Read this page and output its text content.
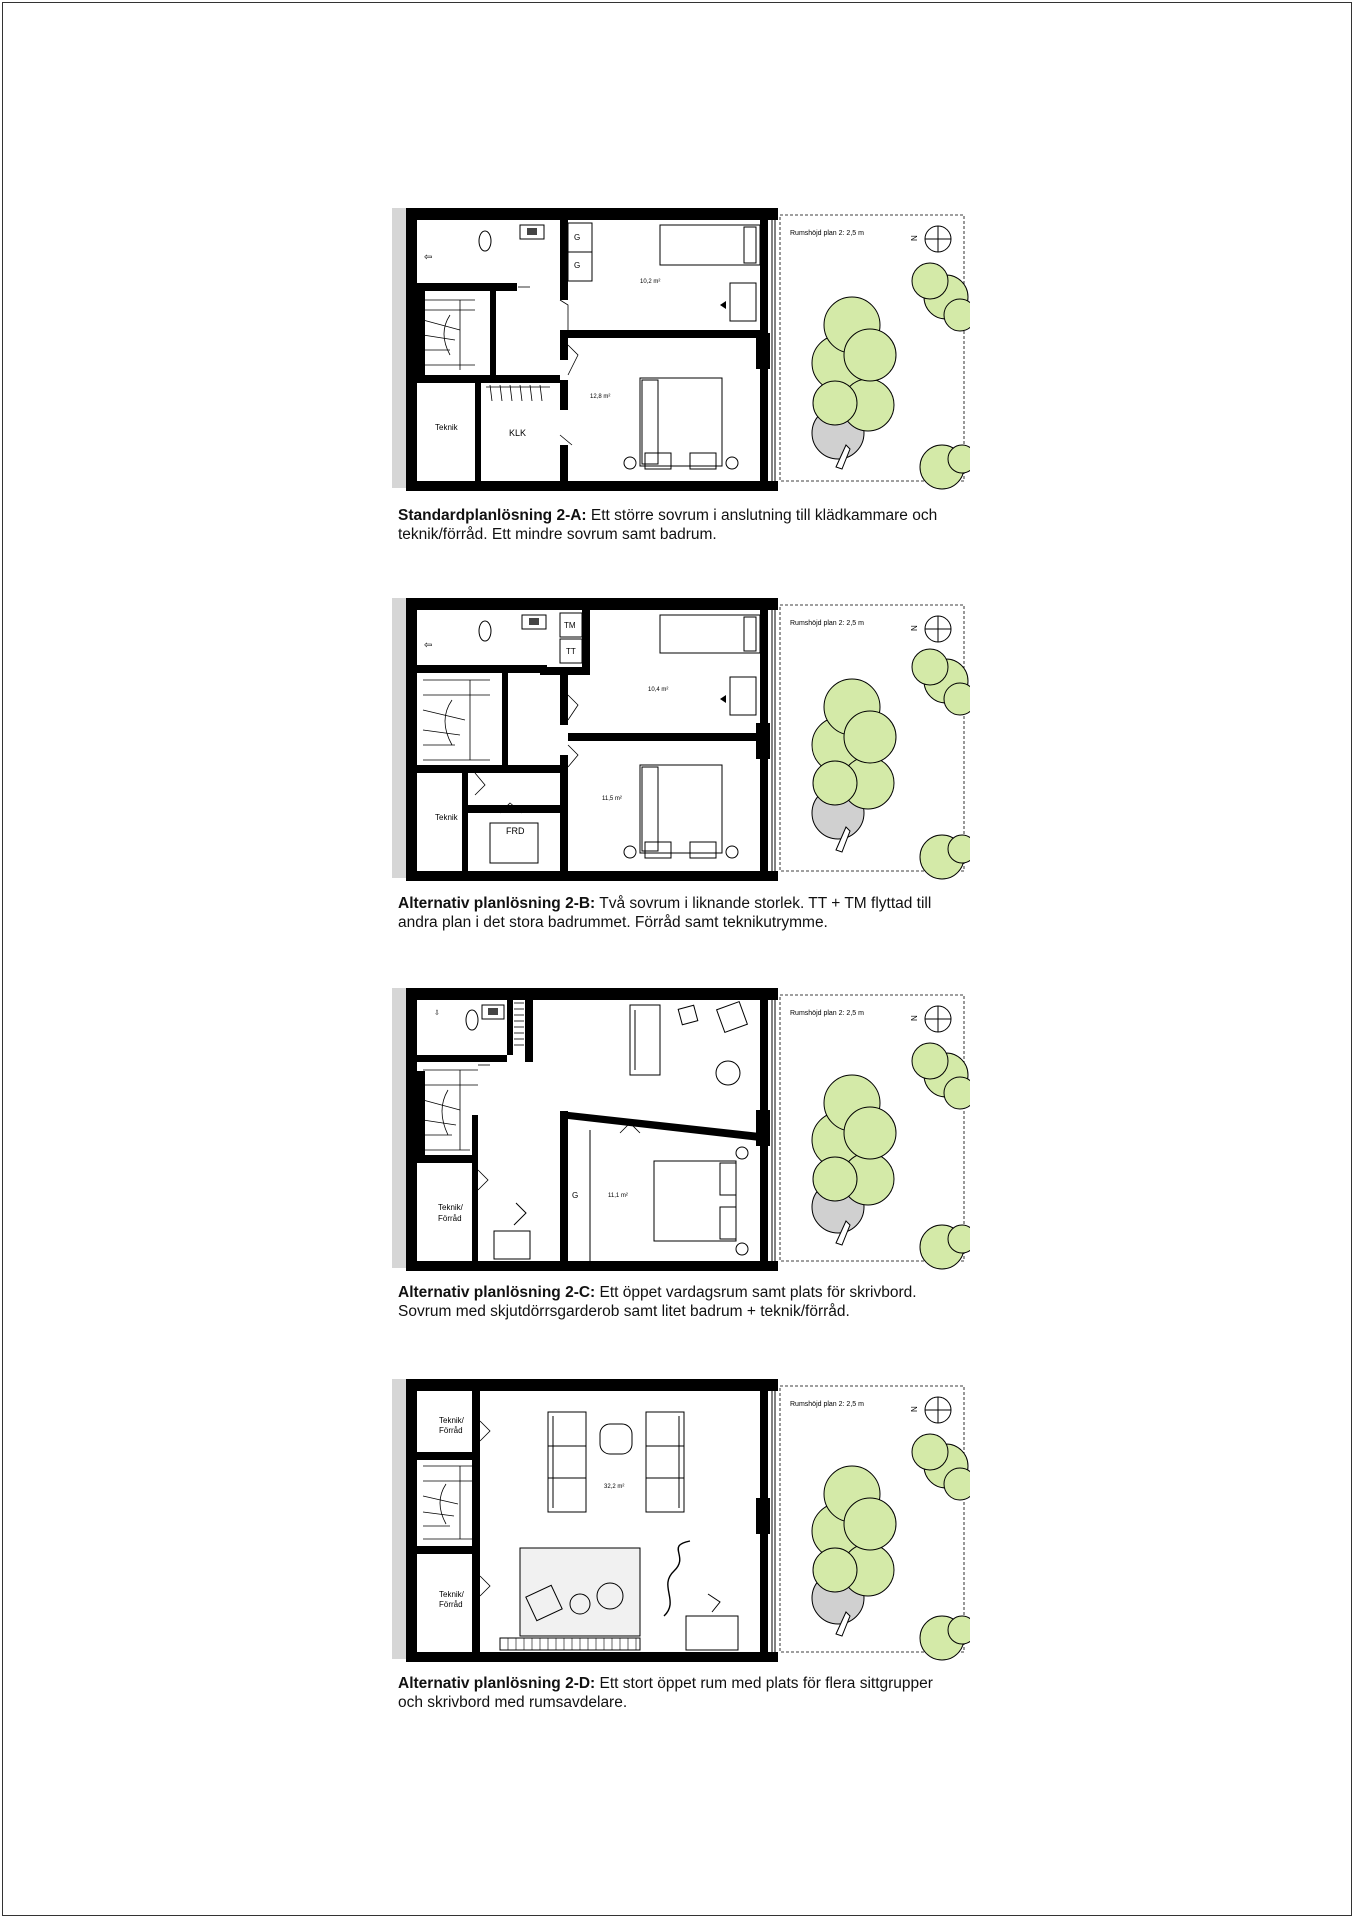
G
G
⇦
10,2 m²
12,8 m²
KLK
Teknik
Rumshöjd plan 2: 2,5 m
N
Standardplanlösning 2-A: Ett större sovrum i anslutning till klädkammare och teknik/förråd. Ett mindre sovrum samt badrum.
TM
TT
⇦
10,4 m²
11,5 m²
FRD
Teknik
Rumshöjd plan 2: 2,5 m
N
Alternativ planlösning 2-B: Två sovrum i liknande storlek. TT + TM flyttad till andra plan i det stora badrummet. Förråd samt teknikutrymme.
⇩
G	11,1 m²
Teknik/
Förråd
Rumshöjd plan 2: 2,5 m
N
Alternativ planlösning 2-C: Ett öppet vardagsrum samt plats för skrivbord. Sovrum med skjutdörrsgarderob samt litet badrum + teknik/förråd.
Teknik/
Förråd
Teknik/
Förråd
32,2 m²
Rumshöjd plan 2: 2,5 m
N
Alternativ planlösning 2-D: Ett stort öppet rum med plats för flera sittgrupper och skrivbord med rumsavdelare.
